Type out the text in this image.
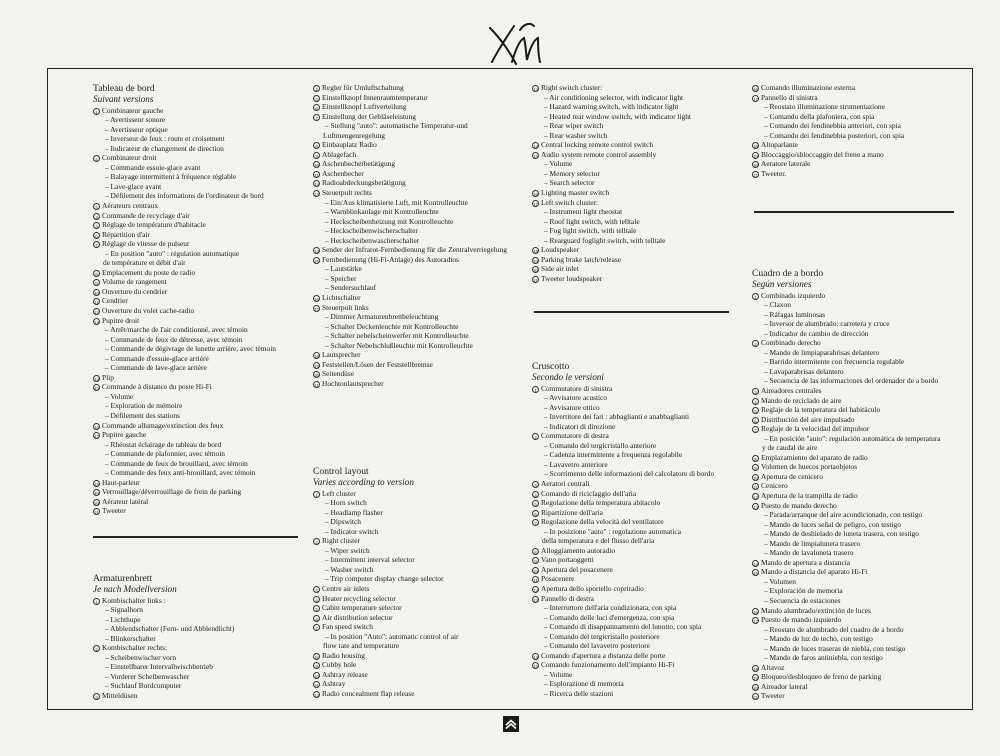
Tableau de bord

Suivant versions

1 Combinateur gauche
– Avertisseur sonore
– Avertisseur optique
– Inverseur de feux : route et croisement
– Indicateur de changement de direction
2 Combinateur droit
– Commande essuie-glace avant
– Balayage intermittent à fréquence réglable
– Lave-glace avant
– Défilement des informations de l'ordinateur de bord
3 Aérateurs centraux
4 Commande de recyclage d'air
5 Réglage de température d'habitacle
6 Répartition d'air
7 Réglage de vitesse de pulseur
– En position "auto" : régulation automatique
de température et débit d'air
8 Emplacement du poste de radio
9 Volume de rangement
10 Ouverture du cendrier
11 Cendrier
12 Ouverture du volet cache-radio
13 Pupitre droit
– Arrêt/marche de l'air conditionné, avec témoin
– Commande de feux de détresse, avec témoin
– Commande de dégivrage de lunette arrière, avec témoin
– Commande d'essuie-glace arrière
– Commande de lave-glace arrière
14 Plip
15 Commande à distance du poste Hi-Fi
– Volume
– Exploration de mémoire
– Défilement des stations
16 Commande allumage/extinction des feux
17 Pupitre gauche
– Rhéostat éclairage de tableau de bord
– Commande de plafonnier, avec témoin
– Commande de feux de brouillard, avec témoin
– Commande des feux anti-brouillard, avec témoin
18 Haut-parleur
19 Verrouillage/déverrouillage de frein de parking
20 Aérateur latéral
21 Tweeter

Armaturenbrett

Je nach Modellversion

1 Kombischalter links :
– Signalhorn
– Lichthupe
– Abblendschalter (Fern- und Abblendlicht)
– Blinkerschalter
2 Kombischalter rechts:
– Scheibenwischer vorn
– Einstellbarer Intervallwischbetrieb
– Vorderer Scheibenwascher
– Suchlauf Bordcomputer
3 Mitteldüsen
4 Regler für Umluftschaltung
5 Einstellknopf Innenraumtemperatur
6 Einstellknopf Luftverteilung
7 Einstellung der Gebläseleistung
– Stellung "auto": automatische Temperatur-und
Luftmengenregelung
8 Einbauplatz Radio
9 Ablagefach
10 Aschenbecherbetätigung
11 Aschenbecher
12 Radioabdeckungsbetätigung
13 Steuerpult rechts
– Ein/Aus klimatisierte Luft, mit Kontrolleuchte
– Warnblinkanlage mit Kontrolleuchte
– Heckscheibenheizung mit Kontrolleuchte
– Heckscheibenwischerschalter
– Heckscheibenwascherschalter
14 Sender der Infrarot-Fernbedienung für die Zentralverriegelung
15 Fernbedienung (Hi-Fi-Anlage) des Autoradios
– Lautstärke
– Speicher
– Sendersuchlauf
16 Lichtschalter
17 Steuerpult links
– Dimmer Armaturenbrettbeleuchtung
– Schalter Deckenleuchte mit Kontrolleuchte
– Schalter nebelscheinwerfer mit Kontrolleuchte
– Schalter Nebelschlußleuchte mit Kontrolleuchte
18 Lautsprecher
19 Feststellen/Lösen der Feststellbremse
20 Seitendüse
21 Hochtonlautsprecher

Control layout

Varies according to version

1 Left cluster
– Horn switch
– Headlamp flasher
– Dipswitch
– Indicator switch
2 Right cluster
– Wiper switch
– Intermittent interval selector
– Washer switch
– Trip computer display change selector
3 Centre air inlets
4 Heater recycling selector
5 Cabin temperature selector
6 Air distribution selector
7 Fan speed switch
– In position "Auto": automatic control of air
flow rate and temperature
8 Radio housing
9 Cubby hole
10 Ashtray release
11 Ashtray
12 Radio concealment flap release
13 Right switch cluster:
– Air conditioning selector, with indicator light
– Hazard warning switch, with indicator light
– Heated rear window switch, with indicator light
– Rear wiper switch
– Rear washer switch
14 Central locking remote control switch
15 Audio system remote control assembly
– Volume
– Memory selector
– Search selector
16 Lighting master switch
17 Left switch cluster:
– Instrument light rheostat
– Roof light switch, with telltale
– Fog light switch, with telltale
– Rearguard foglight switch, with telltale
18 Loudspeaker
19 Parking brake latch/release
20 Side air inlet
21 Tweeter loudspeaker

Cruscotto

Secondo le versioni

1 Commutatore di sinistra
– Avvisatore acustico
– Avvisatore ottico
– Invertitore dei fari : abbaglianti e anabbaglianti
– Indicatori di direzione
2 Commutatore di destra
– Comando del tergicristallo anteriore
– Cadenza intermittente a frequenza regolabile
– Lavavetro anteriore
– Scorrimento delle informazioni del calcolatore di bordo
3 Aeratori centrali
4 Comando di riciclaggio dell'aria
5 Regolazione della temperatura abitacolo
6 Ripartizione dell'aria
7 Regolazione della velocità del ventilatore
– In posizione "auto" : regolazione automatica
della temperatura e del flusso dell'aria
8 Alloggiamento autoradio
9 Vano portaoggetti
10 Apertura del posacenere
11 Posacenere
12 Apertura dello sportello copriradio
13 Pannello di destra
– Interruttore dell'aria condizionata, con spia
– Comando delle luci d'emergenza, con spia
– Comando di disappannamento del lunotto, con spia
– Comando del tergicristallo posteriore
– Comando del lavavetro posteriore
14 Comando d'apertura a distanza delle porte
15 Comando funzionamento dell'impianto Hi-Fi
– Volume
– Esplorazione di memoria
– Ricerca delle stazioni
16 Comando illuminazione esterna
17 Pannello di sinistra
– Reostato illuminazione strumentazione
– Comando della plafoniera, con spia
– Comando dei fendinebbia anteriori, con spia
– Comando dei fendinebbia posteriori, con spia
18 Altoparlante
19 Bloccaggio/sbloccaggio del freno a mano
20 Aeratore laterale
21 Tweeter.

Cuadro de a bordo

Según versiones

1 Combinado izquierdo
– Claxon
– Ráfagas luminosas
– Inversor de alumbrado: carretera y cruce
– Indicador de cambio de dirección
2 Combinado derecho
– Mando de limpiaparabrisas delantero
– Barrido intermitente con frecuencia regulable
– Lavaparabrisas delantero
– Secuencia de las informaciones del ordenador de a bordo
3 Aireadores centrales
4 Mando de reciclado de aire
5 Reglaje de la temperatura del habitáculo
6 Distribución del aire impulsado
7 Reglaje de la velocidad del impulsor
– En posición "auto": regulación automática de temperatura
y de caudal de aire
8 Emplazamiento del aparato de radio
9 Volumen de huecos portaobjetos
10 Apertura de cenicero
11 Cenicero
12 Apertura de la trampilla de radio
13 Puesto de mando derecho
– Parada/arranque del aire acondicionado, con testigo
– Mando de luces señal de peligro, con testigo
– Mando de deshielado de luneta trasera, con testigo
– Mando de limpialuneta trasero
– Mando de lavaluneta trasero
14 Mando de apertura a distancia
15 Mando a distancia del aparato Hi-Fi
– Volumen
– Exploración de memoria
– Secuencia de estaciones
16 Mando alumbrado/extinción de luces
17 Puesto de mando izquierdo
– Reostato de alumbrado del cuadro de a bordo
– Mando de luz de techo, con testigo
– Mando de luces traseras de niebla, con testigo
– Mando de faros antiniebla, con testigo
18 Altavoz
19 Bloqueo/desbloqueo de freno de parking
20 Aireador lateral
21 Tweeter
